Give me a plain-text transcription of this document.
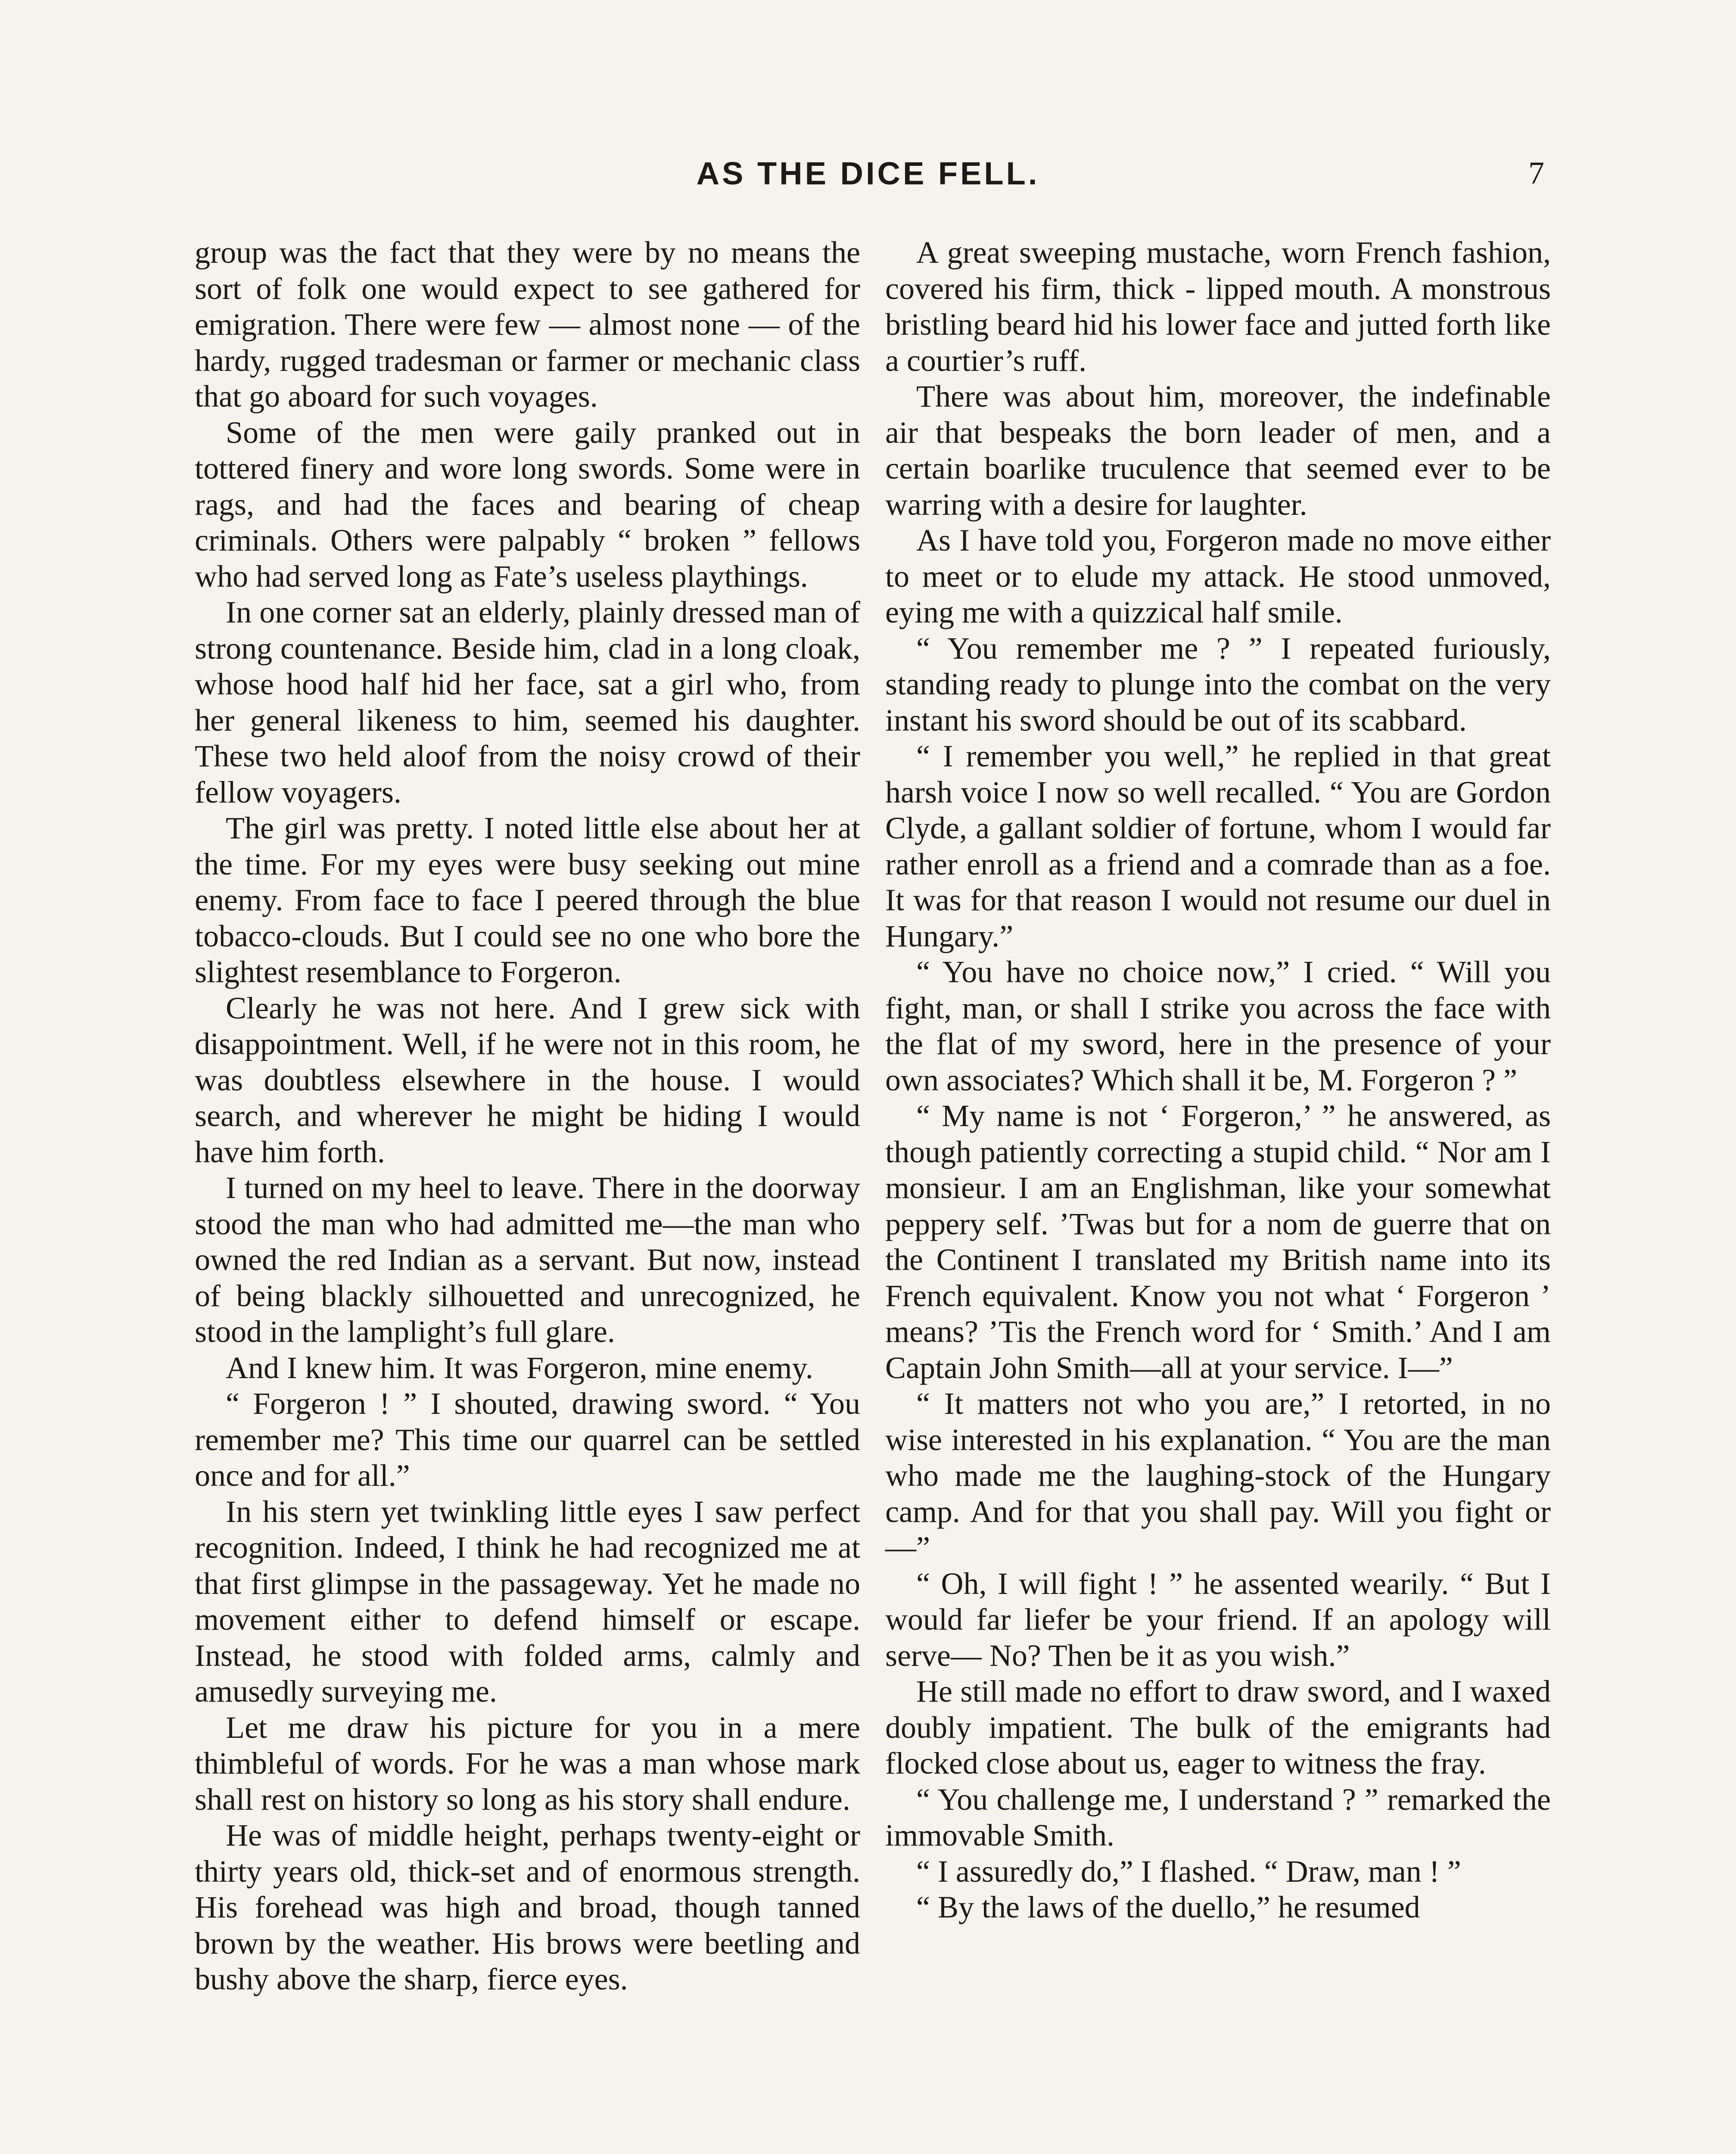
AS THE DICE FELL.	7

group was the fact that they were by no means the sort of folk one would expect to see gathered for emigration. There were few — almost none — of the hardy, rugged tradesman or farmer or mechanic class that go aboard for such voyages.

Some of the men were gaily pranked out in tottered finery and wore long swords. Some were in rags, and had the faces and bearing of cheap criminals. Others were palpably “ broken ” fellows who had served long as Fate’s useless playthings.

In one corner sat an elderly, plainly dressed man of strong countenance. Beside him, clad in a long cloak, whose hood half hid her face, sat a girl who, from her general likeness to him, seemed his daughter. These two held aloof from the noisy crowd of their fellow voyagers.

The girl was pretty. I noted little else about her at the time. For my eyes were busy seeking out mine enemy. From face to face I peered through the blue tobacco-clouds. But I could see no one who bore the slightest resemblance to Forgeron.

Clearly he was not here. And I grew sick with disappointment. Well, if he were not in this room, he was doubtless elsewhere in the house. I would search, and wherever he might be hiding I would have him forth.

I turned on my heel to leave. There in the doorway stood the man who had admitted me—the man who owned the red Indian as a servant. But now, instead of being blackly silhouetted and unrecognized, he stood in the lamplight’s full glare.

And I knew him. It was Forgeron, mine enemy.

“ Forgeron ! ” I shouted, drawing sword. “ You remember me? This time our quarrel can be settled once and for all.”

In his stern yet twinkling little eyes I saw perfect recognition. Indeed, I think he had recognized me at that first glimpse in the passageway. Yet he made no movement either to defend himself or escape. Instead, he stood with folded arms, calmly and amusedly surveying me.

Let me draw his picture for you in a mere thimbleful of words. For he was a man whose mark shall rest on history so long as his story shall endure.

He was of middle height, perhaps twenty-eight or thirty years old, thick-set and of enormous strength. His forehead was high and broad, though tanned brown by the weather. His brows were beetling and bushy above the sharp, fierce eyes.

A great sweeping mustache, worn French fashion, covered his firm, thick - lipped mouth. A monstrous bristling beard hid his lower face and jutted forth like a courtier’s ruff.

There was about him, moreover, the indefinable air that bespeaks the born leader of men, and a certain boarlike truculence that seemed ever to be warring with a desire for laughter.

As I have told you, Forgeron made no move either to meet or to elude my attack. He stood unmoved, eying me with a quizzical half smile.

“ You remember me ? ” I repeated furiously, standing ready to plunge into the combat on the very instant his sword should be out of its scabbard.

“ I remember you well,” he replied in that great harsh voice I now so well recalled. “ You are Gordon Clyde, a gallant soldier of fortune, whom I would far rather enroll as a friend and a comrade than as a foe. It was for that reason I would not resume our duel in Hungary.”

“ You have no choice now,” I cried. “ Will you fight, man, or shall I strike you across the face with the flat of my sword, here in the presence of your own associates? Which shall it be, M. Forgeron ? ”

“ My name is not ‘ Forgeron,’ ” he answered, as though patiently correcting a stupid child. “ Nor am I monsieur. I am an Englishman, like your somewhat peppery self. ’Twas but for a nom de guerre that on the Continent I translated my British name into its French equivalent. Know you not what ‘ Forgeron ’ means? ’Tis the French word for ‘ Smith.’ And I am Captain John Smith—all at your service. I—”

“ It matters not who you are,” I retorted, in no wise interested in his explanation. “ You are the man who made me the laughing-stock of the Hungary camp. And for that you shall pay. Will you fight or—”

“ Oh, I will fight ! ” he assented wearily. “ But I would far liefer be your friend. If an apology will serve— No? Then be it as you wish.”

He still made no effort to draw sword, and I waxed doubly impatient. The bulk of the emigrants had flocked close about us, eager to witness the fray.

“ You challenge me, I understand ? ” remarked the immovable Smith.

“ I assuredly do,” I flashed. “ Draw, man ! ”

“ By the laws of the duello,” he resumed
